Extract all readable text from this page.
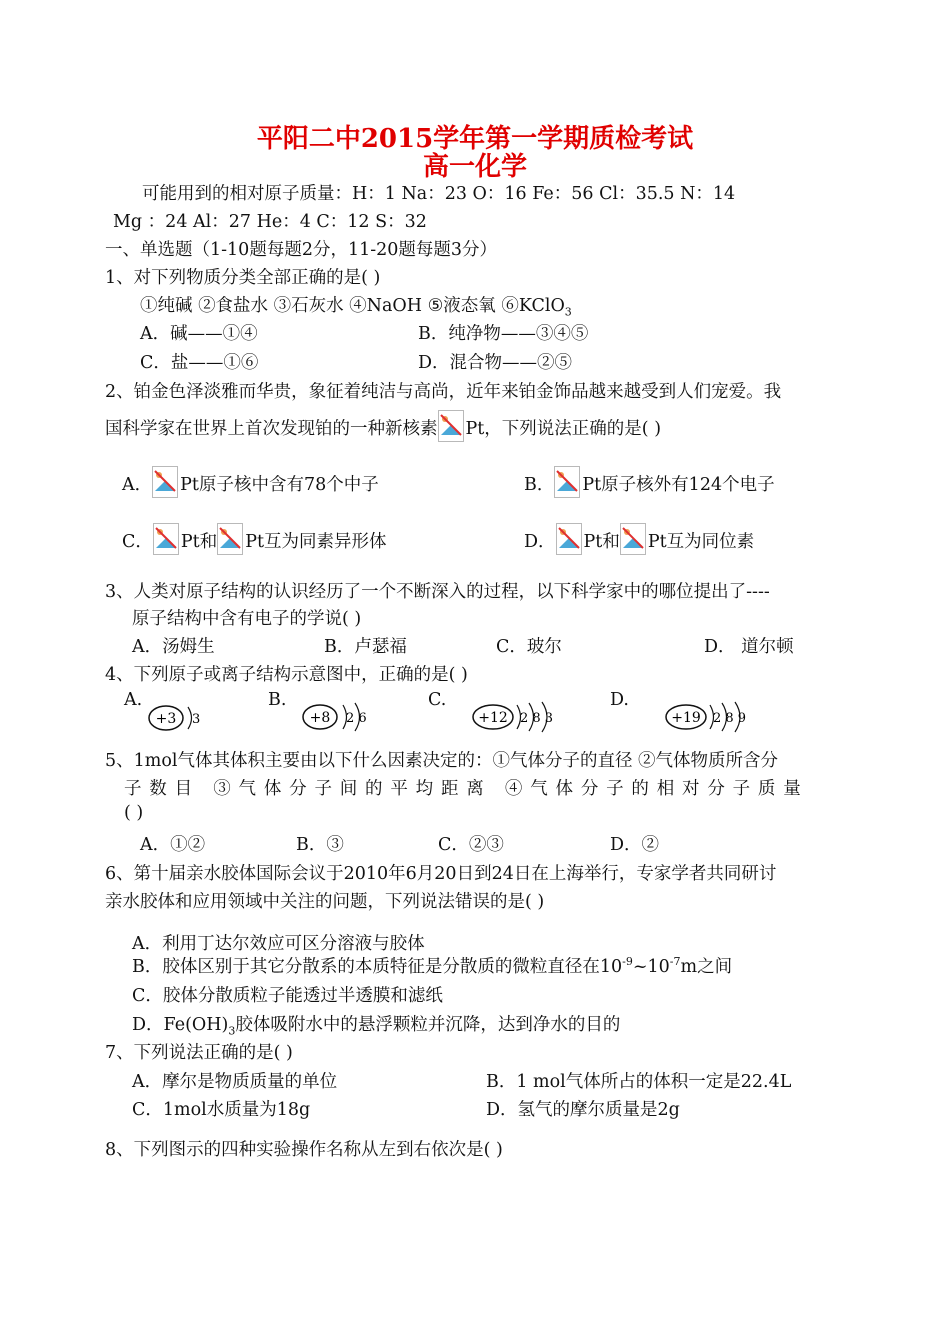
平阳二中2015学年第一学期质检考试
高一化学
可能用到的相对原子质量：H：1 Na：23 O：16 Fe：56 Cl：35.5 N：14
Mg ：24 Al：27 He：4 C：12 S：32
一、单选题（1-10题每题2分，11-20题每题3分）
1、对下列物质分类全部正确的是( )
①纯碱 ②食盐水 ③石灰水 ④NaOH ⑤液态氧 ⑥KClO$_3$
A．碱——①④	B．纯净物——③④⑤
C．盐——①⑥	D．混合物——②⑤
2、铂金色泽淡雅而华贵，象征着纯洁与高尚，近年来铂金饰品越来越受到人们宠爱。我
国科学家在世界上首次发现铂的一种新核素 Pt，下列说法正确的是( )
A． Pt原子核中含有78个中子	B． Pt原子核外有124个电子
C． Pt和 Pt互为同素异形体	D． Pt和 Pt互为同位素
3、人类对原子结构的认识经历了一个不断深入的过程，以下科学家中的哪位提出了----
原子结构中含有电子的学说( )
A．汤姆生	B．卢瑟福	C．玻尔	D． 道尔顿
4、下列原子或离子结构示意图中，正确的是( )
A.	B.	C.	D.
+3 3	+8 2 6	+12 2 8 3	+19 2 8 9
5、1mol气体其体积主要由以下什么因素决定的：①气体分子的直径 ②气体物质所含分
子数目 ③气体分子间的平均距离 ④气体分子的相对分子质量
( )
A．①②	B．③	C．②③	D．②
6、第十届亲水胶体国际会议于2010年6月20日到24日在上海举行，专家学者共同研讨
亲水胶体和应用领域中关注的问题，下列说法错误的是( )
A．利用丁达尔效应可区分溶液与胶体
B．胶体区别于其它分散系的本质特征是分散质的微粒直径在$10^{-9}\sim 10^{-7}m$之间
C．胶体分散质粒子能透过半透膜和滤纸
D．$Fe(OH)_3$胶体吸附水中的悬浮颗粒并沉降，达到净水的目的
7、下列说法正确的是( )
A．摩尔是物质质量的单位	B．1 mol气体所占的体积一定是22.4L
C．1mol水质量为18g	D．氢气的摩尔质量是2g
8、下列图示的四种实验操作名称从左到右依次是( )
